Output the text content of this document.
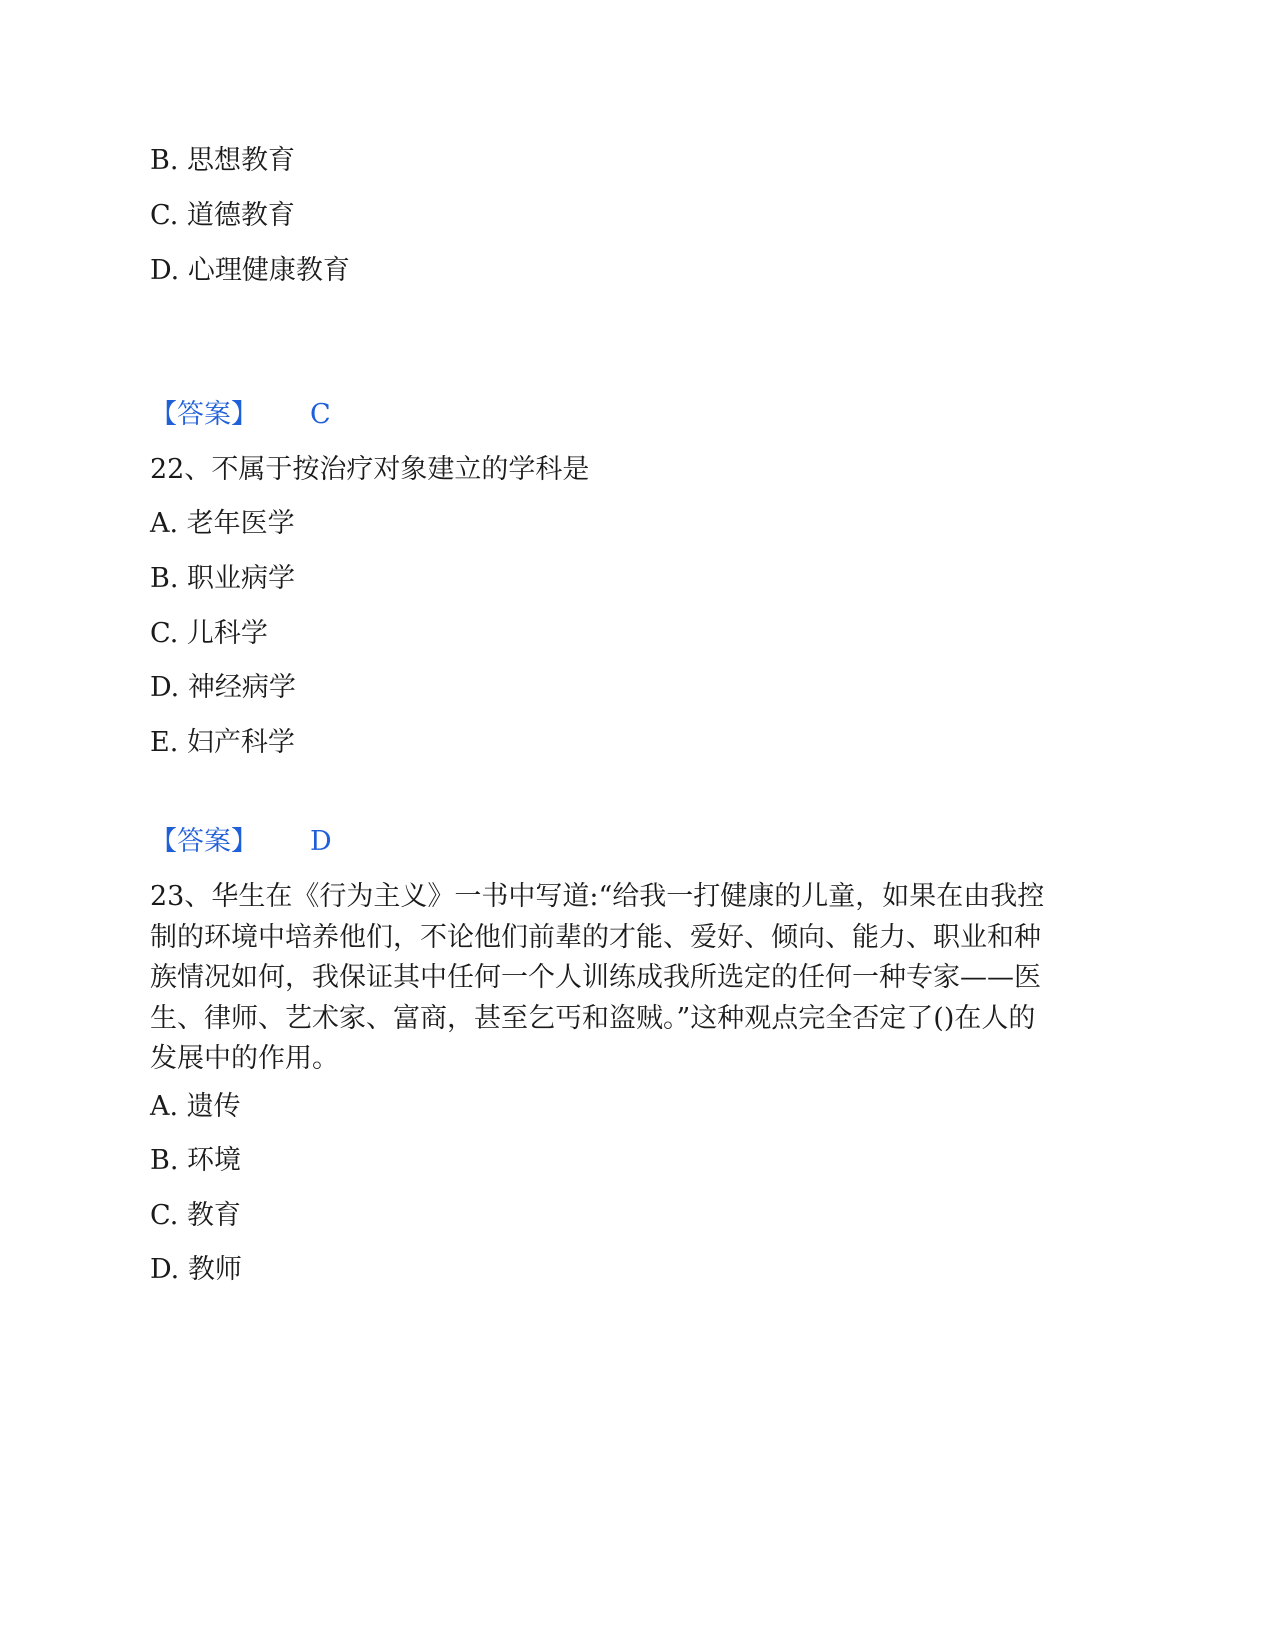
B. 思想教育
C. 道德教育
D. 心理健康教育
【答案】 C
22、不属于按治疗对象建立的学科是
A. 老年医学
B. 职业病学
C. 儿科学
D. 神经病学
E. 妇产科学
【答案】 D
23、华生在《行为主义》一书中写道:“给我一打健康的儿童，如果在由我控
制的环境中培养他们，不论他们前辈的才能、爱好、倾向、能力、职业和种
族情况如何，我保证其中任何一个人训练成我所选定的任何一种专家——医
生、律师、艺术家、富商，甚至乞丐和盗贼。”这种观点完全否定了()在人的
发展中的作用。
A. 遗传
B. 环境
C. 教育
D. 教师
